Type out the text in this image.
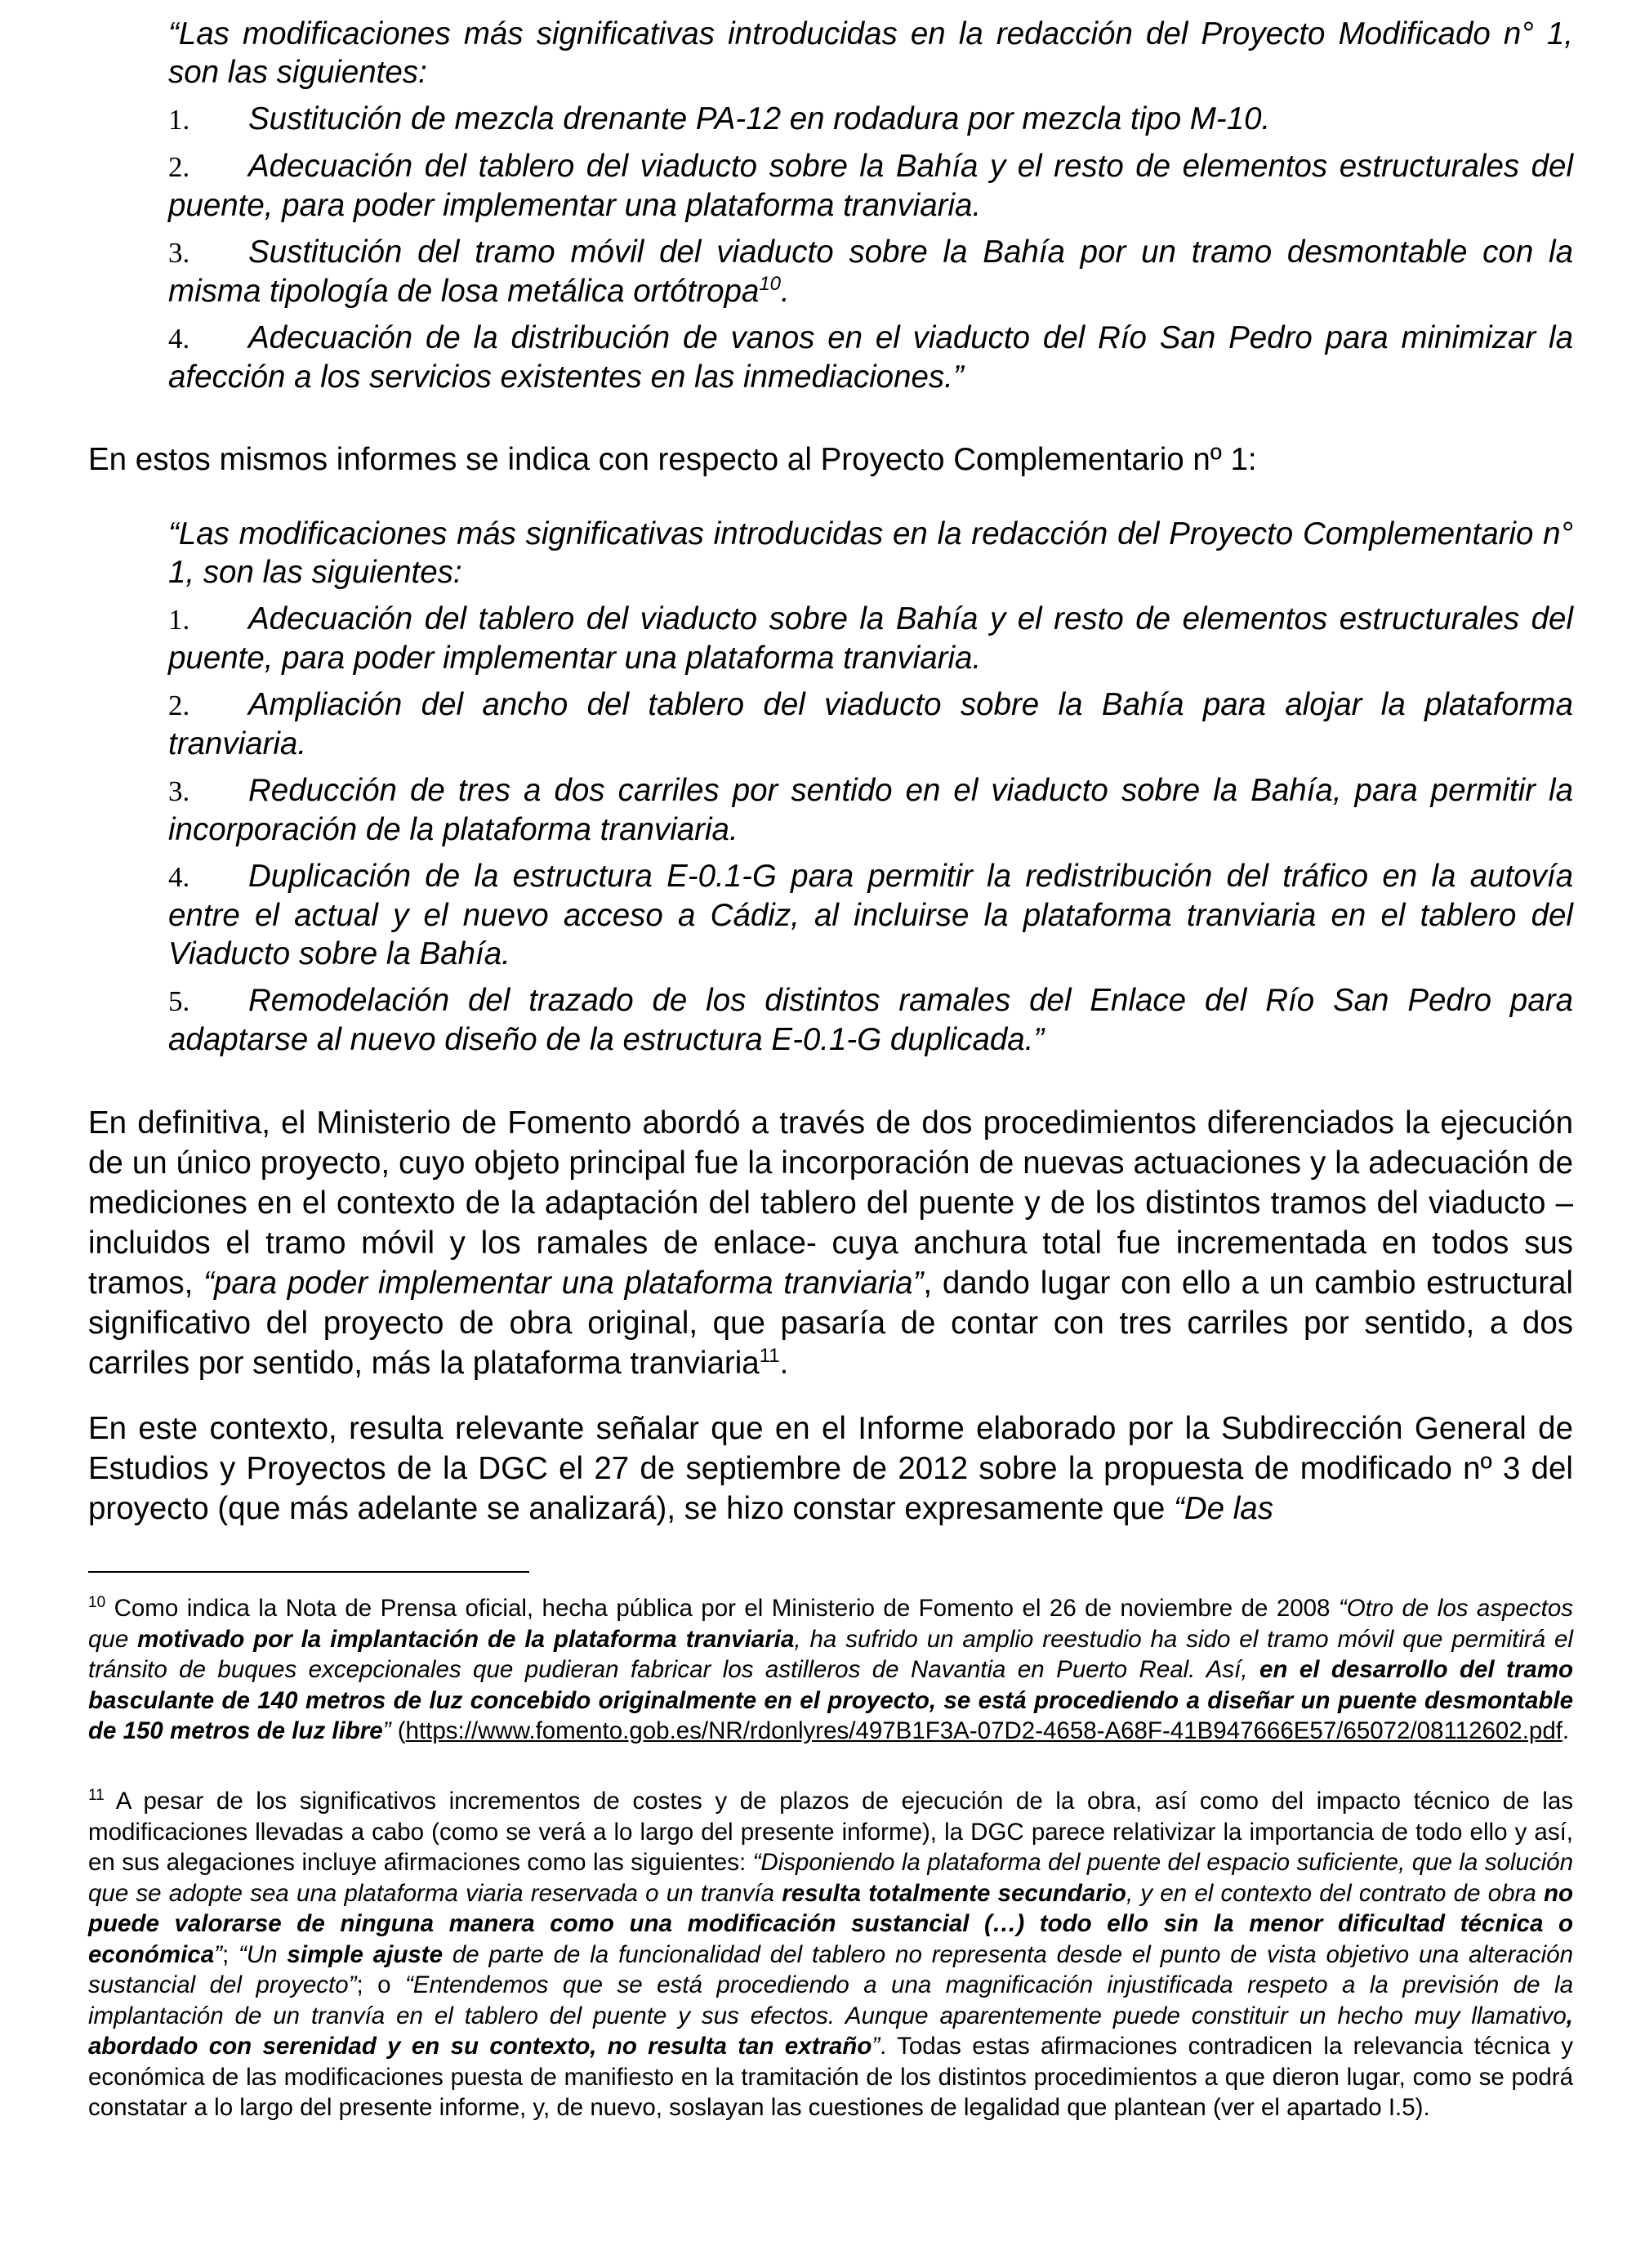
“Las modificaciones más significativas introducidas en la redacción del Proyecto Modificado n° 1, son las siguientes:

1. Sustitución de mezcla drenante PA-12 en rodadura por mezcla tipo M-10.

2. Adecuación del tablero del viaducto sobre la Bahía y el resto de elementos estructurales del puente, para poder implementar una plataforma tranviaria.

3. Sustitución del tramo móvil del viaducto sobre la Bahía por un tramo desmontable con la misma tipología de losa metálica ortótropa$^{10}$.

4. Adecuación de la distribución de vanos en el viaducto del Río San Pedro para minimizar la afección a los servicios existentes en las inmediaciones.”

En estos mismos informes se indica con respecto al Proyecto Complementario nº 1:

“Las modificaciones más significativas introducidas en la redacción del Proyecto Complementario n° 1, son las siguientes:

1. Adecuación del tablero del viaducto sobre la Bahía y el resto de elementos estructurales del puente, para poder implementar una plataforma tranviaria.

2. Ampliación del ancho del tablero del viaducto sobre la Bahía para alojar la plataforma tranviaria.

3. Reducción de tres a dos carriles por sentido en el viaducto sobre la Bahía, para permitir la incorporación de la plataforma tranviaria.

4. Duplicación de la estructura E-0.1-G para permitir la redistribución del tráfico en la autovía entre el actual y el nuevo acceso a Cádiz, al incluirse la plataforma tranviaria en el tablero del Viaducto sobre la Bahía.

5. Remodelación del trazado de los distintos ramales del Enlace del Río San Pedro para adaptarse al nuevo diseño de la estructura E-0.1-G duplicada.”

En definitiva, el Ministerio de Fomento abordó a través de dos procedimientos diferenciados la ejecución de un único proyecto, cuyo objeto principal fue la incorporación de nuevas actuaciones y la adecuación de mediciones en el contexto de la adaptación del tablero del puente y de los distintos tramos del viaducto –incluidos el tramo móvil y los ramales de enlace- cuya anchura total fue incrementada en todos sus tramos, “para poder implementar una plataforma tranviaria”, dando lugar con ello a un cambio estructural significativo del proyecto de obra original, que pasaría de contar con tres carriles por sentido, a dos carriles por sentido, más la plataforma tranviaria$^{11}$.

En este contexto, resulta relevante señalar que en el Informe elaborado por la Subdirección General de Estudios y Proyectos de la DGC el 27 de septiembre de 2012 sobre la propuesta de modificado nº 3 del proyecto (que más adelante se analizará), se hizo constar expresamente que “De las

$^{10}$ Como indica la Nota de Prensa oficial, hecha pública por el Ministerio de Fomento el 26 de noviembre de 2008 “Otro de los aspectos que motivado por la implantación de la plataforma tranviaria, ha sufrido un amplio reestudio ha sido el tramo móvil que permitirá el tránsito de buques excepcionales que pudieran fabricar los astilleros de Navantia en Puerto Real. Así, en el desarrollo del tramo basculante de 140 metros de luz concebido originalmente en el proyecto, se está procediendo a diseñar un puente desmontable de 150 metros de luz libre” (https://www.fomento.gob.es/NR/rdonlyres/497B1F3A-07D2-4658-A68F-41B947666E57/65072/08112602.pdf.

$^{11}$ A pesar de los significativos incrementos de costes y de plazos de ejecución de la obra, así como del impacto técnico de las modificaciones llevadas a cabo (como se verá a lo largo del presente informe), la DGC parece relativizar la importancia de todo ello y así, en sus alegaciones incluye afirmaciones como las siguientes: “Disponiendo la plataforma del puente del espacio suficiente, que la solución que se adopte sea una plataforma viaria reservada o un tranvía resulta totalmente secundario, y en el contexto del contrato de obra no puede valorarse de ninguna manera como una modificación sustancial (…) todo ello sin la menor dificultad técnica o económica”; “Un simple ajuste de parte de la funcionalidad del tablero no representa desde el punto de vista objetivo una alteración sustancial del proyecto”; o “Entendemos que se está procediendo a una magnificación injustificada respeto a la previsión de la implantación de un tranvía en el tablero del puente y sus efectos. Aunque aparentemente puede constituir un hecho muy llamativo, abordado con serenidad y en su contexto, no resulta tan extraño”. Todas estas afirmaciones contradicen la relevancia técnica y económica de las modificaciones puesta de manifiesto en la tramitación de los distintos procedimientos a que dieron lugar, como se podrá constatar a lo largo del presente informe, y, de nuevo, soslayan las cuestiones de legalidad que plantean (ver el apartado I.5).
